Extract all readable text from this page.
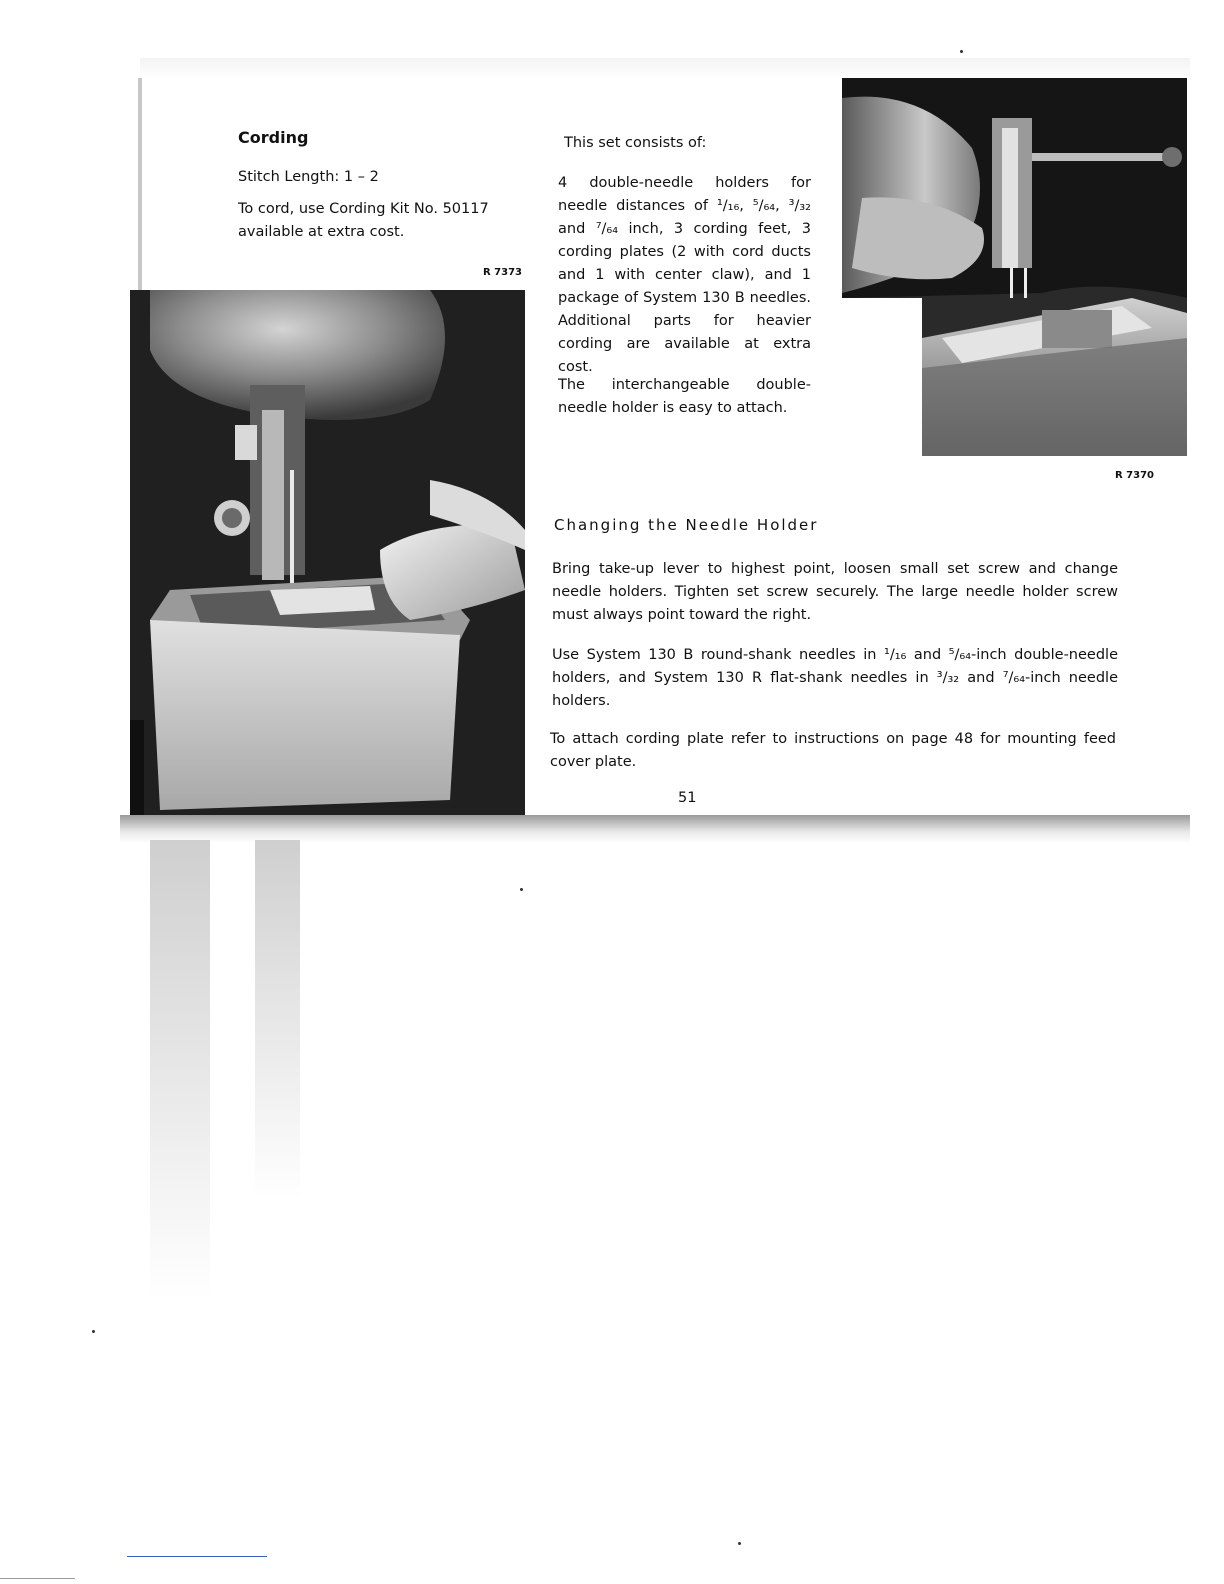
Cording

Stitch Length: 1 – 2

To cord, use Cording Kit No. 50117 available at extra cost.

R 7373

This set consists of:

4 double-needle holders for needle distances of ¹/₁₆, ⁵/₆₄, ³/₃₂ and ⁷/₆₄ inch, 3 cording feet, 3 cording plates (2 with cord ducts and 1 with center claw), and 1 package of System 130 B needles. Additional parts for heavier cording are available at extra cost.

The interchangeable double-needle holder is easy to attach.

R 7370

Changing the Needle Holder

Bring take-up lever to highest point, loosen small set screw and change needle holders. Tighten set screw securely. The large needle holder screw must always point toward the right.

Use System 130 B round-shank needles in ¹/₁₆ and ⁵/₆₄-inch double-needle holders, and System 130 R flat-shank needles in ³/₃₂ and ⁷/₆₄-inch needle holders.

To attach cording plate refer to instructions on page 48 for mounting feed cover plate.

51
